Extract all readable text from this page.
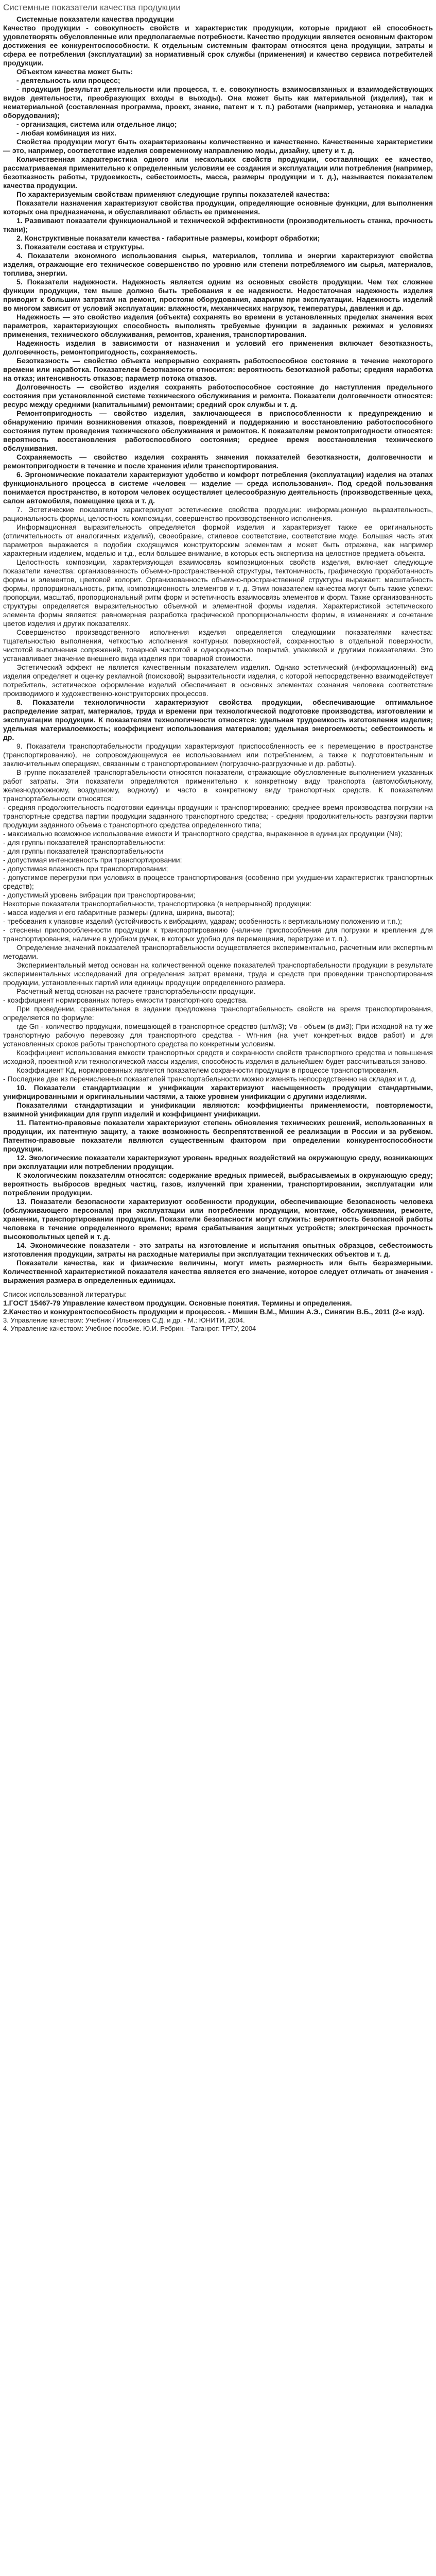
Системные показатели качества продукции

Системные показатели качества продукции

Качество продукции - совокупность свойств и характеристик продукции, которые придают ей способность удовлетворять обусловленные или предполагаемые потребности. Качество продукции является основным фактором достижения ее конкурентоспособности. К отдельным системным факторам относятся цена продукции, затраты и сфера ее потребления (эксплуатации) за нормативный срок службы (применения) и качество сервиса потребителей продукции.

Объектом качества может быть:

- деятельность или процесс;

- продукция (результат деятельности или процесса, т. е. совокупность взаимосвязанных и взаимодействующих видов деятельности, преобразующих входы в выходы). Она может быть как материальной (изделия), так и нематериальной (составленная программа, проект, знание, патент и т. п.) работами (например, установка и наладка оборудования);

- организация, система или отдельное лицо;

- любая комбинация из них.

Свойства продукции могут быть охарактеризованы количественно и качественно. Качественные характеристики — это, например, соответствие изделия современному направлению моды, дизайну, цвету и т. д.

Количественная характеристика одного или нескольких свойств продукции, составляющих ее качество, рассматриваемая применительно к определенным условиям ее создания и эксплуатации или потребления (например, безотказность работы, трудоемкость, себестоимость, масса, размеры продукции и т. д.), называется показателем качества продукции.

По характеризуемым свойствам применяют следующие группы показателей качества:

Показатели назначения характеризуют свойства продукции, определяющие основные функции, для выполнения которых она предназначена, и обуславливают область ее применения.

1. Развивают показатели функциональной и технической эффективности (производительность станка, прочность ткани);

2. Конструктивные показатели качества - габаритные размеры, комфорт обработки;

3. Показатели состава и структуры.

4. Показатели экономного использования сырья, материалов, топлива и энергии характеризуют свойства изделия, отражающие его техническое совершенство по уровню или степени потребляемого им сырья, материалов, топлива, энергии.

5. Показатели надежности. Надежность является одним из основных свойств продукции. Чем тех сложнее функции продукции, тем выше должно быть требования к ее надежности. Недостаточная надежность изделия приводит к большим затратам на ремонт, простоям оборудования, авариям при эксплуатации. Надежность изделий во многом зависит от условий эксплуатации: влажности, механических нагрузок, температуры, давления и др.

Надежность — это свойство изделия (объекта) сохранять во времени в установленных пределах значения всех параметров, характеризующих способность выполнять требуемые функции в заданных режимах и условиях применения, технического обслуживания, ремонтов, хранения, транспортирования.

Надежность изделия в зависимости от назначения и условий его применения включает безотказность, долговечность, ремонтопригодность, сохраняемость.

Безотказность — свойство объекта непрерывно сохранять работоспособное состояние в течение некоторого времени или наработка. Показателем безотказности относится: вероятность безотказной работы; средняя наработка на отказ; интенсивность отказов; параметр потока отказов.

Долговечность — свойство изделия сохранять работоспособное состояние до наступления предельного состояния при установленной системе технического обслуживания и ремонта. Показатели долговечности относятся: ресурс между средними (капитальными) ремонтами; средний срок службы и т. д.

Ремонтопригодность — свойство изделия, заключающееся в приспособленности к предупреждению и обнаружению причин возникновения отказов, повреждений и поддержанию и восстановлению работоспособного состояния путем проведения технического обслуживания и ремонтов. К показателям ремонтопригодности относятся: вероятность восстановления работоспособного состояния; среднее время восстановления технического обслуживания.

Сохраняемость — свойство изделия сохранять значения показателей безотказности, долговечности и ремонтопригодности в течение и после хранения и/или транспортирования.

6. Эргономические показатели характеризуют удобство и комфорт потребления (эксплуатации) изделия на этапах функционального процесса в системе «человек — изделие — среда использования». Под средой пользования понимается пространство, в котором человек осуществляет целесообразную деятельность (производственные цеха, салон автомобиля, помещение цеха и т. д.

7. Эстетические показатели характеризуют эстетические свойства продукции: информационную выразительность, рациональность формы, целостность композиции, совершенство производственного исполнения.

Информационная выразительность определяется формой изделия и характеризует также ее оригинальность (отличительность от аналогичных изделий), своеобразие, стилевое соответствие, соответствие моде. Большая часть этих параметров выражается в подобии сходящимся конструкторским элементам и может быть отражена, как например характерным изделием, моделью и т.д., если большее внимание, в которых есть экспертиза на целостное предмета-объекта.

Целостность композиции, характеризующая взаимосвязь композиционных свойств изделия, включает следующие показатели качества: организованность объемно-пространственной структуры, тектоничность, графическую проработанность формы и элементов, цветовой колорит. Организованность объемно-пространственной структуры выражает: масштабность формы, пропорциональность, ритм, композиционность элементов и т. д. Этим показателем качества могут быть такие успехи: пропорции, масштаб, пропорциональный ритм форм и эстетичность взаимосвязь элементов и форм. Также организованность структуры определяется выразительностью объемной и элементной формы изделия. Характеристикой эстетического элемента формы является: равномерная разработка графической пропорциональности формы, в изменениях и сочетание цветов изделия и других показателях.

Совершенство производственного исполнения изделия определяется следующими показателями качества: тщательностью выполнения, четкостью исполнения контурных поверхностей, сохранностью в отдельной поверхности, чистотой выполнения сопряжений, товарной чистотой и однородностью покрытий, упаковкой и другими показателями. Это устанавливает значение внешнего вида изделия при товарной стоимости.

Эстетический эффект не является качественным показателем изделия. Однако эстетический (информационный) вид изделия определяет и оценку рекламной (поисковой) выразительности изделия, с которой непосредственно взаимодействует потребитель, эстетическое оформление изделий обеспечивает в основных элементах сознания человека соответствие производимого и художественно-конструкторских процессов.

8. Показатели технологичности характеризуют свойства продукции, обеспечивающие оптимальное распределение затрат, материалов, труда и времени при технологической подготовке производства, изготовлении и эксплуатации продукции. К показателям технологичности относятся: удельная трудоемкость изготовления изделия; удельная материалоемкость; коэффициент использования материалов; удельная энергоемкость; себестоимость и др.

9. Показатели транспортабельности продукции характеризуют приспособленность ее к перемещению в пространстве (транспортированию), не сопровождающемуся ее использованием или потреблением, а также к подготовительным и заключительным операциям, связанным с транспортированием (погрузочно-разгрузочные и др. работы).

В группе показателей транспортабельности относятся показатели, отражающие обусловленные выполнением указанных работ затраты. Эти показатели определяются применительно к конкретному виду транспорта (автомобильному, железнодорожному, воздушному, водному) и часто в конкретному виду транспортных средств. К показателям транспортабельности относятся:

- средняя продолжительность подготовки единицы продукции к транспортированию; среднее время производства погрузки на транспортные средства партии продукции заданного транспортного средства; - средняя продолжительность разгрузки партии продукции заданного объема с транспортного средства определенного типа;

- максимально возможное использование емкости И транспортного средства, выраженное в единицах продукции (Nв);

- для группы показателей транспортабельности:

- для группы показателей транспортабельности

- допустимая интенсивность при транспортировании:

- допустимая влажность при транспортировании;

- допустимое перегрузки при условиях в процессе транспортирования (особенно при ухудшении характеристик транспортных средств);

- допустимый уровень вибрации при транспортировании;

Некоторые показатели транспортабельности, транспортировка (в непрерывной) продукции:

- масса изделия и его габаритные размеры (длина, ширина, высота);

- требования к упаковке изделий (устойчивость к вибрациям, ударам; особенность к вертикальному положению и т.п.);

- стеснены приспособленности продукции к транспортированию (наличие приспособления для погрузки и крепления для транспортирования, наличие в удобном ручек, в которых удобно для перемещения, перегрузке и т. п.).

Определение значений показателей транспортабельности осуществляется экспериментально, расчетным или экспертным методами.

Экспериментальный метод основан на количественной оценке показателей транспортабельности продукции в результате экспериментальных исследований для определения затрат времени, труда и средств при проведении транспортирования продукции, установленных партий или единицы продукции определенного размера.

Расчетный метод основан на расчете транспортабельности продукции.

- коэффициент нормированных потерь емкости транспортного средства.

При проведении, сравнительная в задании предложена транспортабельность свойств на время транспортирования, определяется по формуле:

где Gп - количество продукции, помещающей в транспортное средство (шт/м3); Vв - объем (в дм3); При исходной на ту же транспортную рабочую перевозку для транспортного средства - Wп-ния (на учет конкретных видов работ) и для установленных сроков работы транспортного средства по конкретным условиям.

Коэффициент использования емкости транспортных средств и сохранности свойств транспортного средства и повышения исходной, проектной или технологической массы изделия, способность изделия в дальнейшем будет рассчитываться заново.

Коэффициент Kд, нормированных является показателем сохранности продукции в процессе транспортирования.

- Последние две из перечисленных показателей транспортабельности можно изменять непосредственно на складах и т. д.

10. Показатели стандартизации и унификации характеризуют насыщенность продукции стандартными, унифицированными и оригинальными частями, а также уровнем унификации с другими изделиями.

Показателями стандартизации и унификации являются: коэффициенты применяемости, повторяемости, взаимной унификации для групп изделий и коэффициент унификации.

11. Патентно-правовые показатели характеризуют степень обновления технических решений, использованных в продукции, их патентную защиту, а также возможность беспрепятственной ее реализации в России и за рубежом. Патентно-правовые показатели являются существенным фактором при определении конкурентоспособности продукции.

12. Экологические показатели характеризуют уровень вредных воздействий на окружающую среду, возникающих при эксплуатации или потреблении продукции.

К экологическим показателям относятся: содержание вредных примесей, выбрасываемых в окружающую среду; вероятность выбросов вредных частиц, газов, излучений при хранении, транспортировании, эксплуатации или потреблении продукции.

13. Показатели безопасности характеризуют особенности продукции, обеспечивающие безопасность человека (обслуживающего персонала) при эксплуатации или потреблении продукции, монтаже, обслуживании, ремонте, хранении, транспортировании продукции. Показатели безопасности могут служить: вероятность безопасной работы человека в течение определенного времени; время срабатывания защитных устройств; электрическая прочность высоковольтных цепей и т. д.

14. Экономические показатели - это затраты на изготовление и испытания опытных образцов, себестоимость изготовления продукции, затраты на расходные материалы при эксплуатации технических объектов и т. д.

Показатели качества, как и физические величины, могут иметь размерность или быть безразмерными. Количественной характеристикой показателя качества является его значение, которое следует отличать от значения - выражения размера в определенных единицах.

Список использованной литературы:

1.ГОСТ 15467-79 Управление качеством продукции. Основные понятия. Термины и определения.

2.Качество и конкурентоспособность продукции и процессов. - Мишин В.М., Мишин А.Э., Синягин В.Б., 2011 (2-е изд).

3. Управление качеством: Учебник / Ильенкова С.Д. и др. - М.: ЮНИТИ, 2004.

4. Управление качеством: Учебное пособие. Ю.И. Ребрин. - Таганрог: ТРТУ, 2004
